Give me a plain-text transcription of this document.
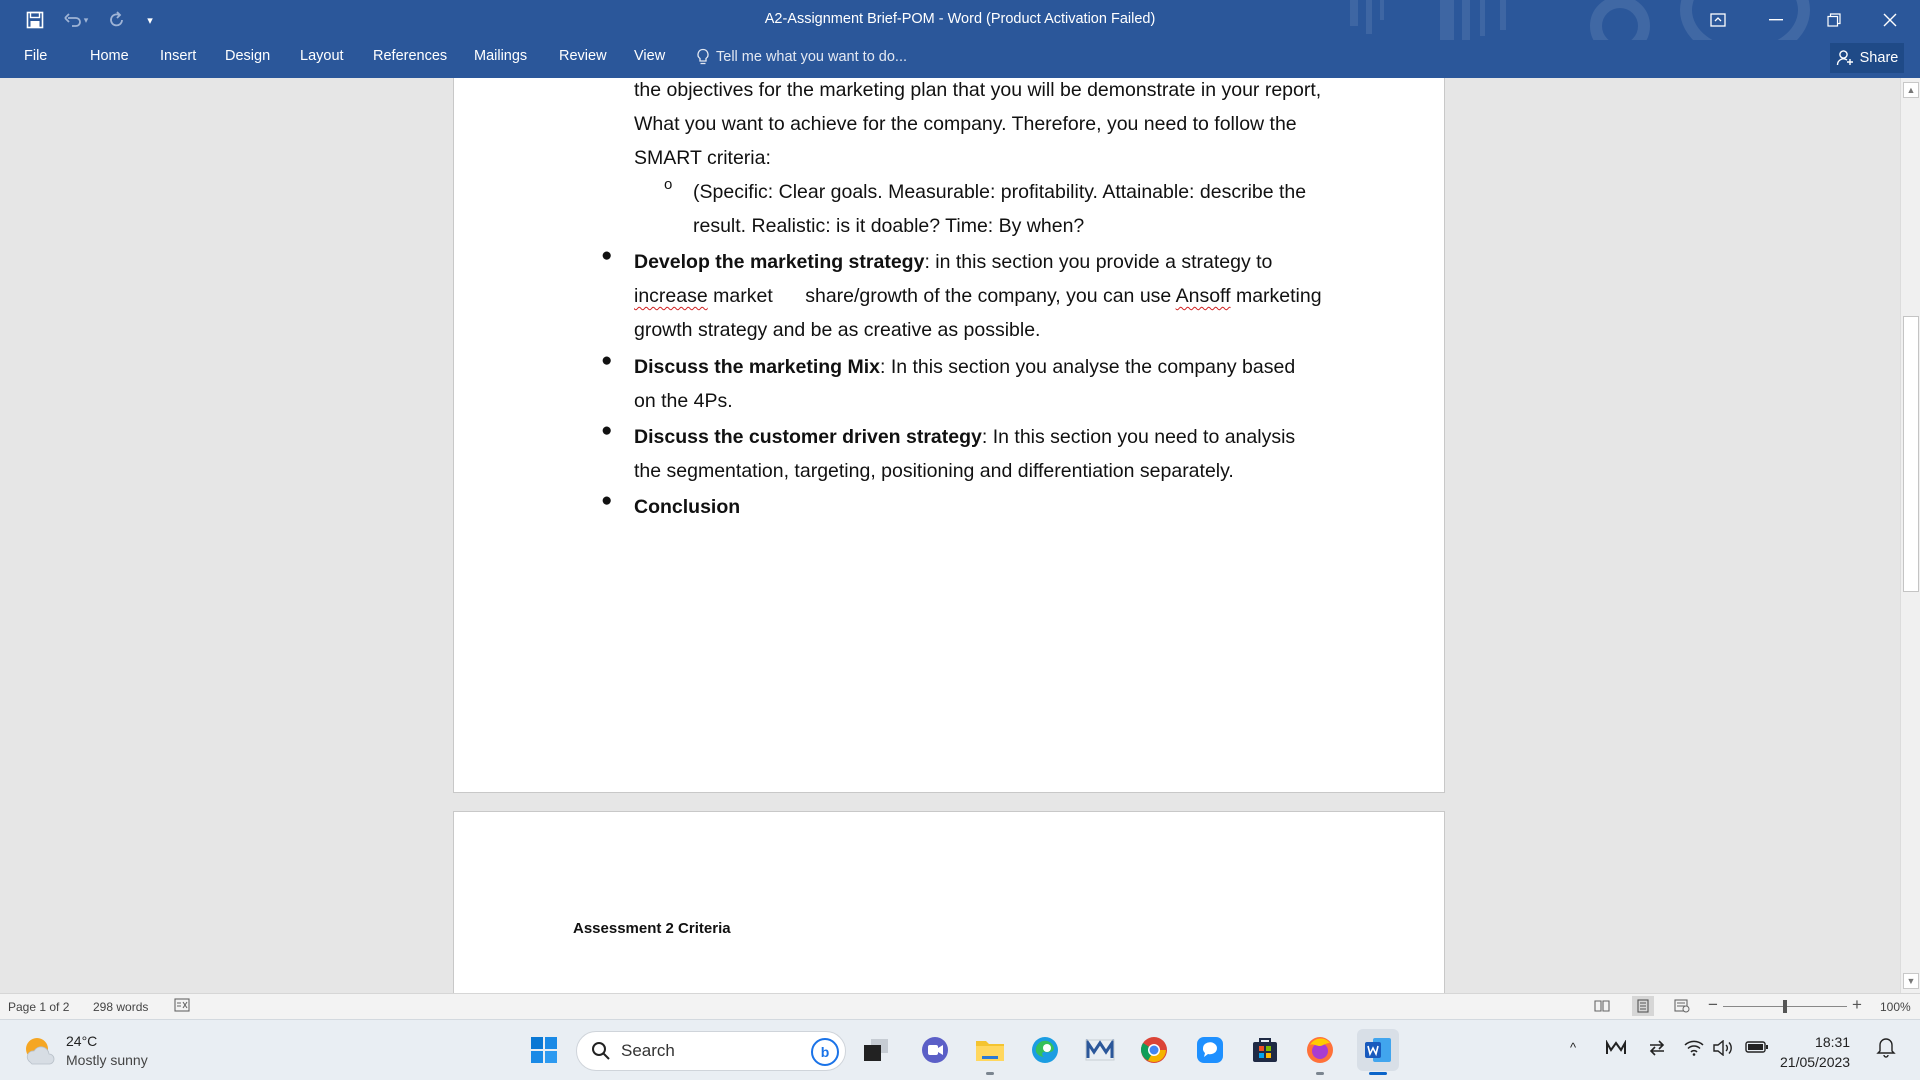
▾	▾	A2-Assignment Brief-POM - Word (Product Activation Failed)
File	Home Insert Design Layout References Mailings Review View	Tell me what you want to do...	Share
the objectives for the marketing plan that you will be demonstrate in your report,
What you want to achieve for the company. Therefore, you need to follow the
SMART criteria:
o (Specific: Clear goals. Measurable: profitability. Attainable: describe the
result. Realistic: is it doable? Time: By when?
● Develop the marketing strategy: in this section you provide a strategy to
increase market      share/growth of the company, you can use Ansoff marketing
growth strategy and be as creative as possible.
● Discuss the marketing Mix: In this section you analyse the company based
on the 4Ps.
● Discuss the customer driven strategy: In this section you need to analysis
the segmentation, targeting, positioning and differentiation separately.
● Conclusion
Assessment 2 Criteria
▲
▼
Page 1 of 2 298 words	−	+ 100%
24°C
Mostly sunny	Search	b	^	18:31
21/05/2023
